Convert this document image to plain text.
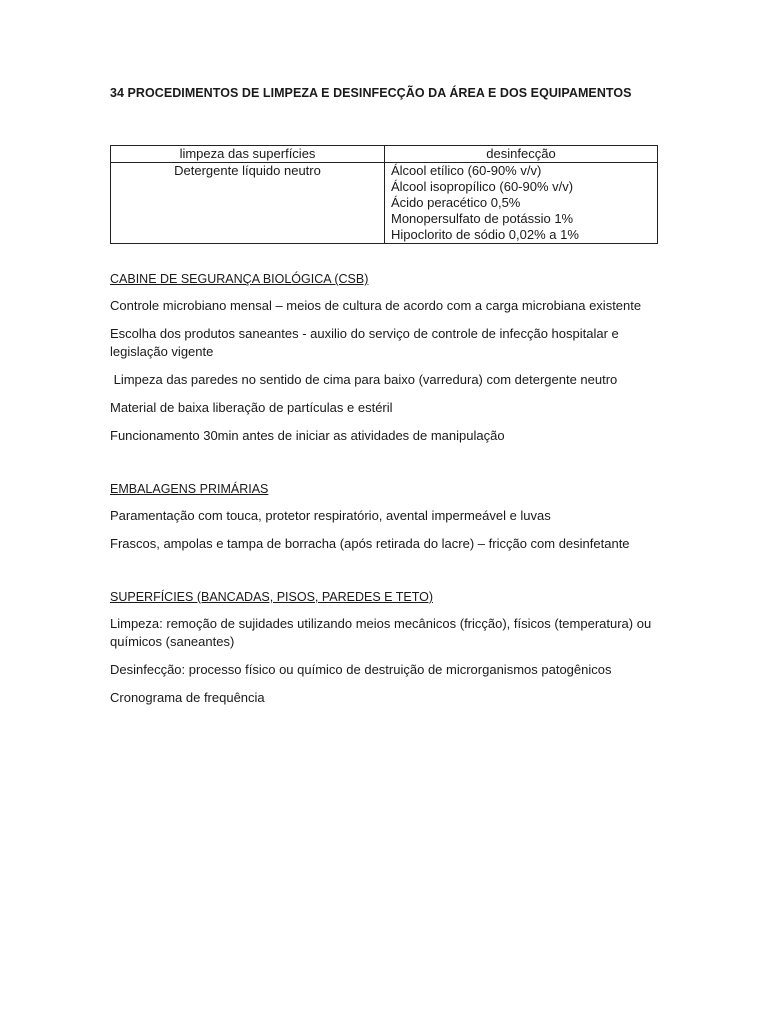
34 PROCEDIMENTOS DE LIMPEZA E DESINFECÇÃO DA ÁREA E DOS EQUIPAMENTOS
limpeza das superfícies	desinfecção
Detergente líquido neutro	Álcool etílico (60-90% v/v)
Álcool isopropílico (60-90% v/v)
Ácido peracético 0,5%
Monopersulfato de potássio 1%
Hipoclorito de sódio 0,02% a 1%

CABINE DE SEGURANÇA BIOLÓGICA (CSB)

Controle microbiano mensal – meios de cultura de acordo com a carga microbiana existente

Escolha dos produtos saneantes - auxilio do serviço de controle de infecção hospitalar e legislação vigente

Limpeza das paredes no sentido de cima para baixo (varredura) com detergente neutro

Material de baixa liberação de partículas e estéril

Funcionamento 30min antes de iniciar as atividades de manipulação

EMBALAGENS PRIMÁRIAS

Paramentação com touca, protetor respiratório, avental impermeável e luvas

Frascos, ampolas e tampa de borracha (após retirada do lacre) – fricção com desinfetante

SUPERFÍCIES (BANCADAS, PISOS, PAREDES E TETO)

Limpeza: remoção de sujidades utilizando meios mecânicos (fricção), físicos (temperatura) ou químicos (saneantes)

Desinfecção: processo físico ou químico de destruição de microrganismos patogênicos

Cronograma de frequência
